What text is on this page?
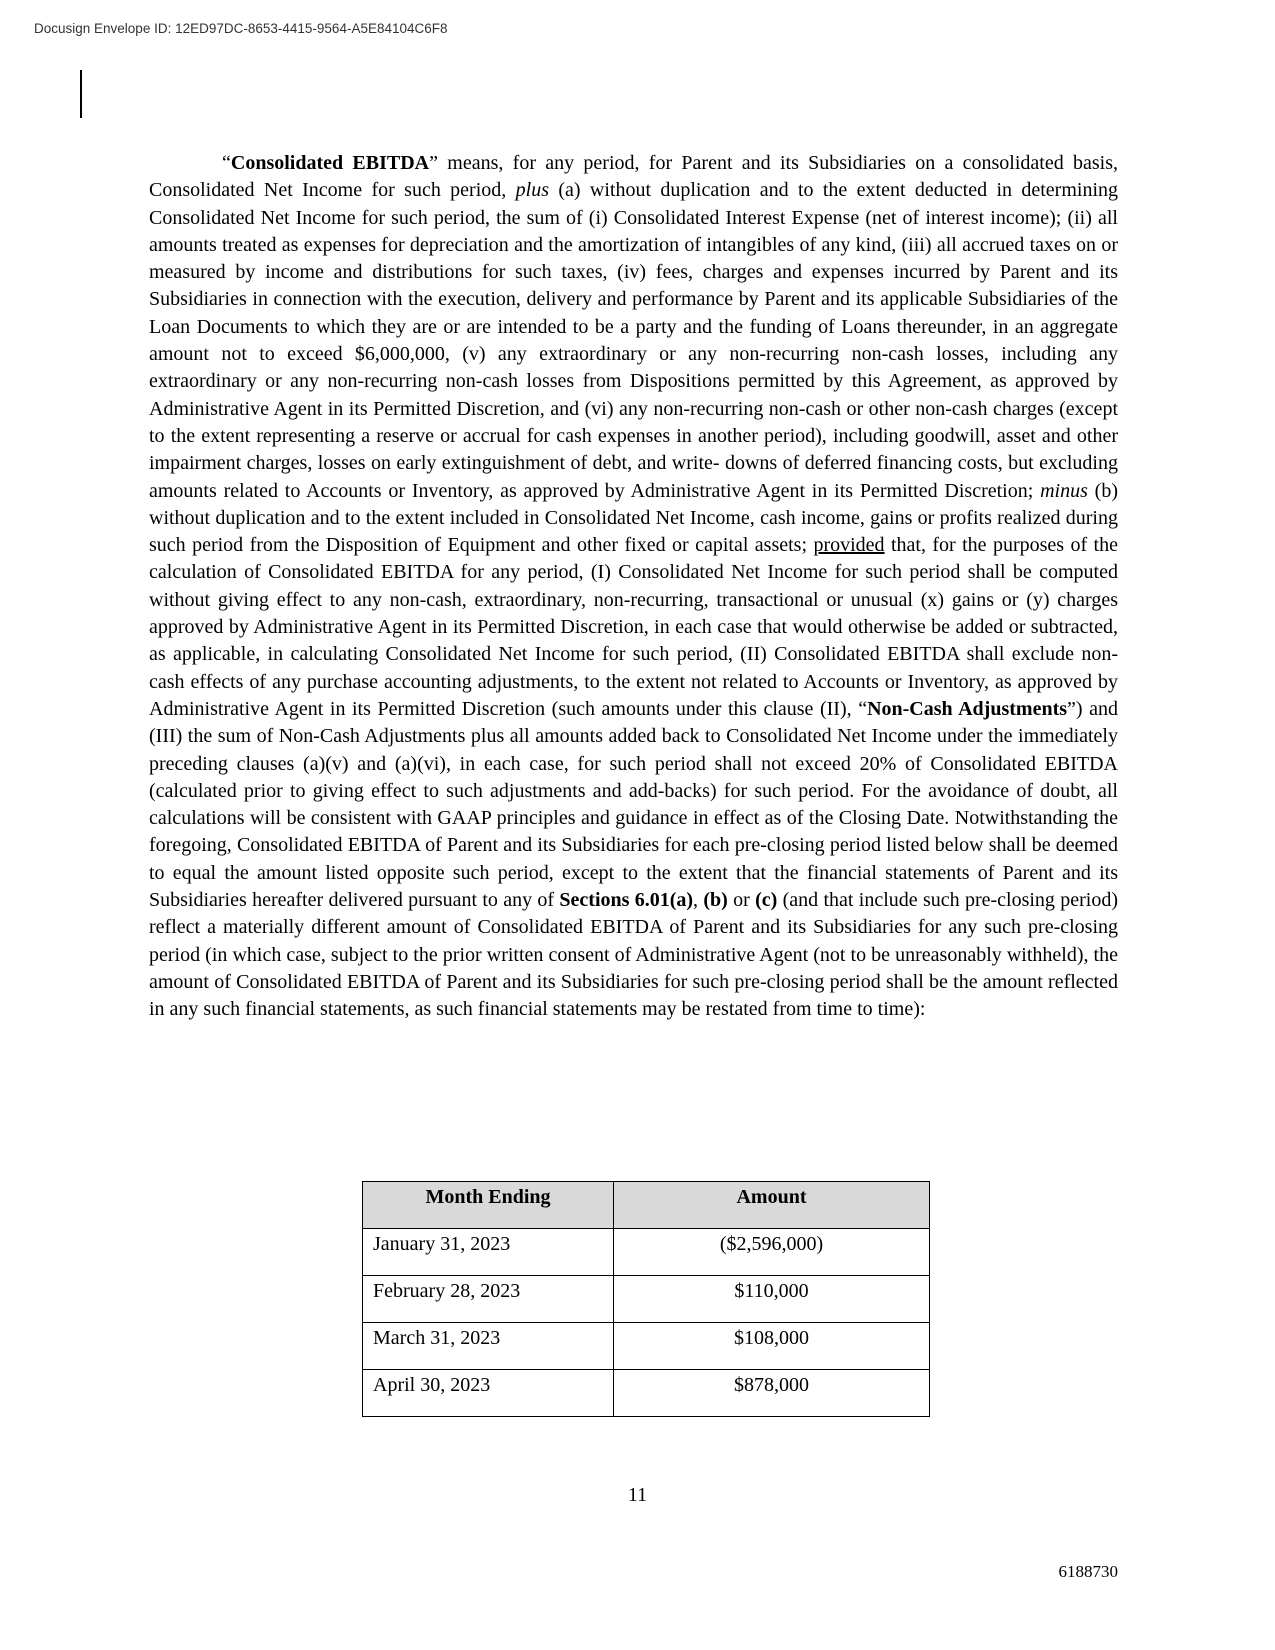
Docusign Envelope ID: 12ED97DC-8653-4415-9564-A5E84104C6F8

“Consolidated EBITDA” means, for any period, for Parent and its Subsidiaries on a consolidated basis, Consolidated Net Income for such period, plus (a) without duplication and to the extent deducted in determining Consolidated Net Income for such period, the sum of (i) Consolidated Interest Expense (net of interest income); (ii) all amounts treated as expenses for depreciation and the amortization of intangibles of any kind, (iii) all accrued taxes on or measured by income and distributions for such taxes, (iv) fees, charges and expenses incurred by Parent and its Subsidiaries in connection with the execution, delivery and performance by Parent and its applicable Subsidiaries of the Loan Documents to which they are or are intended to be a party and the funding of Loans thereunder, in an aggregate amount not to exceed $6,000,000, (v) any extraordinary or any non-recurring non-cash losses, including any extraordinary or any non-recurring non-cash losses from Dispositions permitted by this Agreement, as approved by Administrative Agent in its Permitted Discretion, and (vi) any non-recurring non-cash or other non-cash charges (except to the extent representing a reserve or accrual for cash expenses in another period), including goodwill, asset and other impairment charges, losses on early extinguishment of debt, and write- downs of deferred financing costs, but excluding amounts related to Accounts or Inventory, as approved by Administrative Agent in its Permitted Discretion; minus (b) without duplication and to the extent included in Consolidated Net Income, cash income, gains or profits realized during such period from the Disposition of Equipment and other fixed or capital assets; provided that, for the purposes of the calculation of Consolidated EBITDA for any period, (I) Consolidated Net Income for such period shall be computed without giving effect to any non-cash, extraordinary, non-recurring, transactional or unusual (x) gains or (y) charges approved by Administrative Agent in its Permitted Discretion, in each case that would otherwise be added or subtracted, as applicable, in calculating Consolidated Net Income for such period, (II) Consolidated EBITDA shall exclude non-cash effects of any purchase accounting adjustments, to the extent not related to Accounts or Inventory, as approved by Administrative Agent in its Permitted Discretion (such amounts under this clause (II), “Non-Cash Adjustments”) and (III) the sum of Non-Cash Adjustments plus all amounts added back to Consolidated Net Income under the immediately preceding clauses (a)(v) and (a)(vi), in each case, for such period shall not exceed 20% of Consolidated EBITDA (calculated prior to giving effect to such adjustments and add-backs) for such period. For the avoidance of doubt, all calculations will be consistent with GAAP principles and guidance in effect as of the Closing Date. Notwithstanding the foregoing, Consolidated EBITDA of Parent and its Subsidiaries for each pre-closing period listed below shall be deemed to equal the amount listed opposite such period, except to the extent that the financial statements of Parent and its Subsidiaries hereafter delivered pursuant to any of Sections 6.01(a), (b) or (c) (and that include such pre-closing period) reflect a materially different amount of Consolidated EBITDA of Parent and its Subsidiaries for any such pre-closing period (in which case, subject to the prior written consent of Administrative Agent (not to be unreasonably withheld), the amount of Consolidated EBITDA of Parent and its Subsidiaries for such pre-closing period shall be the amount reflected in any such financial statements, as such financial statements may be restated from time to time):

Month Ending	Amount
January 31, 2023	($2,596,000)
February 28, 2023	$110,000
March 31, 2023	$108,000
April 30, 2023	$878,000
11
6188730
